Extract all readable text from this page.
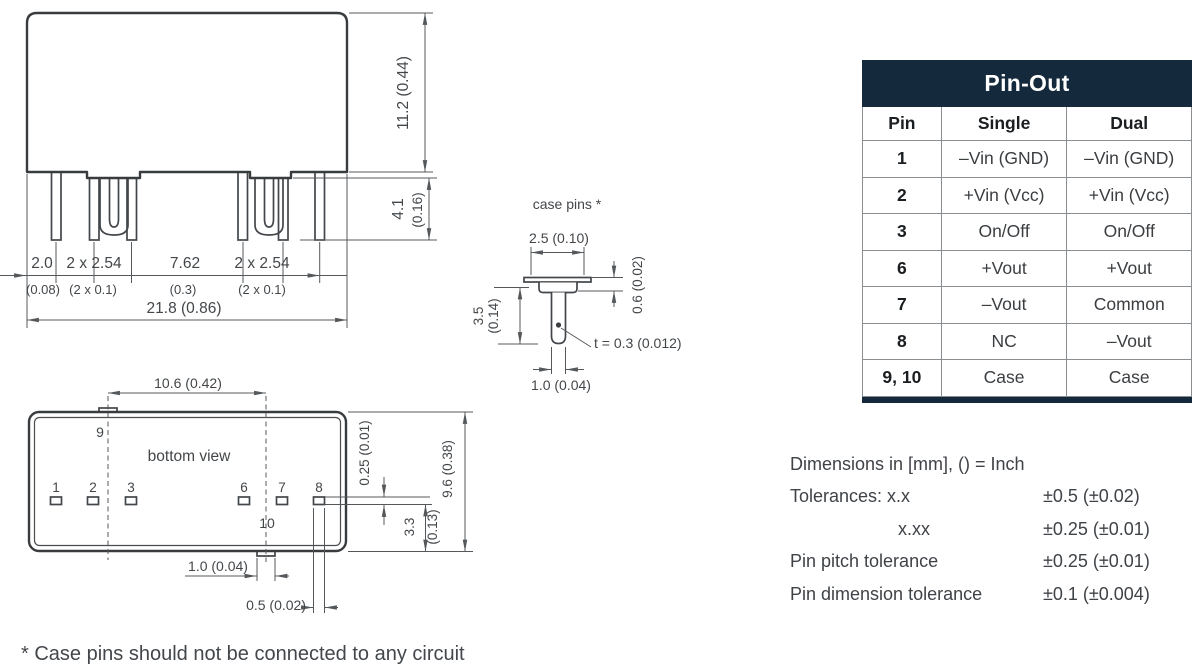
11.2 (0.44)
4.1 (0.16)
2.0 2 x 2.54	7.62 2 x 2.54
(0.08) (2 x 0.1)	(0.3)	(2 x 0.1)
21.8 (0.86)
case pins *
2.5 (0.10)
t = 0.3 (0.012)
3.5 (0.14)
0.6 (0.02)
1.0 (0.04)
9
10
bottom view
1 2 3	6 7 8
10.6 (0.42)
0.25 (0.01)
3.3 (0.13)
9.6 (0.38)
1.0 (0.04)
0.5 (0.02)
Pin-Out
Pin	Single	Dual
1	–Vin (GND)	–Vin (GND)
2	+Vin (Vcc)	+Vin (Vcc)
3	On/Off	On/Off
6	+Vout	+Vout
7	–Vout	Common
8	NC	–Vout
9, 10	Case	Case
Dimensions in [mm], () = Inch
Tolerances: x.x	±0.5 (±0.02)
x.xx	±0.25 (±0.01)
Pin pitch tolerance	±0.25 (±0.01)
Pin dimension tolerance	±0.1 (±0.004)
* Case pins should not be connected to any circuit
